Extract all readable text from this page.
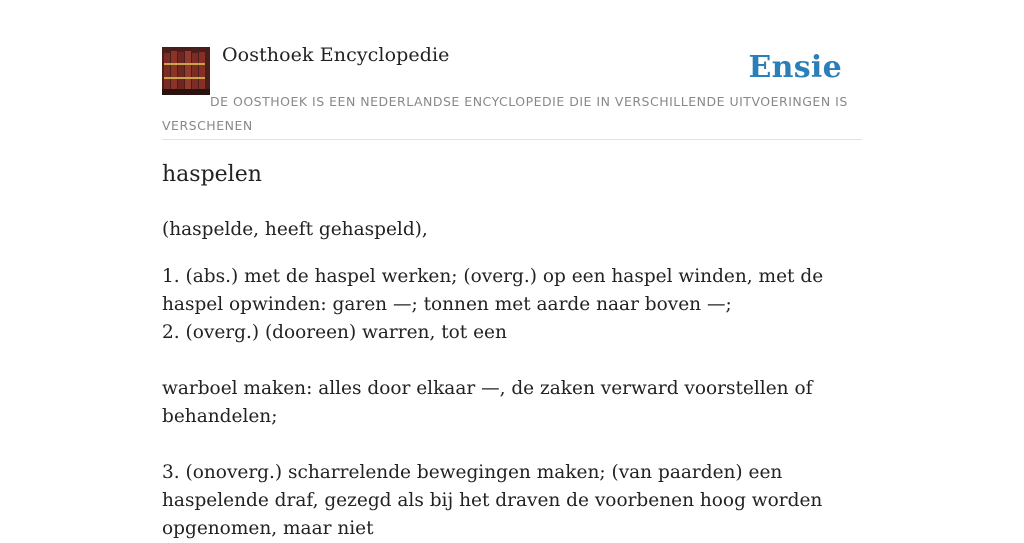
Oosthoek Encyclopedie	Ensie
DE OOSTHOEK IS EEN NEDERLANDSE ENCYCLOPEDIE DIE IN VERSCHILLENDE UITVOERINGEN IS VERSCHENEN
haspelen

(haspelde, heeft gehaspeld),

1. (abs.) met de haspel werken; (overg.) op een haspel winden, met de haspel opwinden: garen —; tonnen met aarde naar boven —;

2. (overg.) (dooreen) warren, tot een

warboel maken: alles door elkaar —, de zaken verward voorstellen of behandelen;

3. (onoverg.) scharrelende bewegingen maken; (van paarden) een haspelende draf, gezegd als bij het draven de voorbenen hoog worden opgenomen, maar niet
